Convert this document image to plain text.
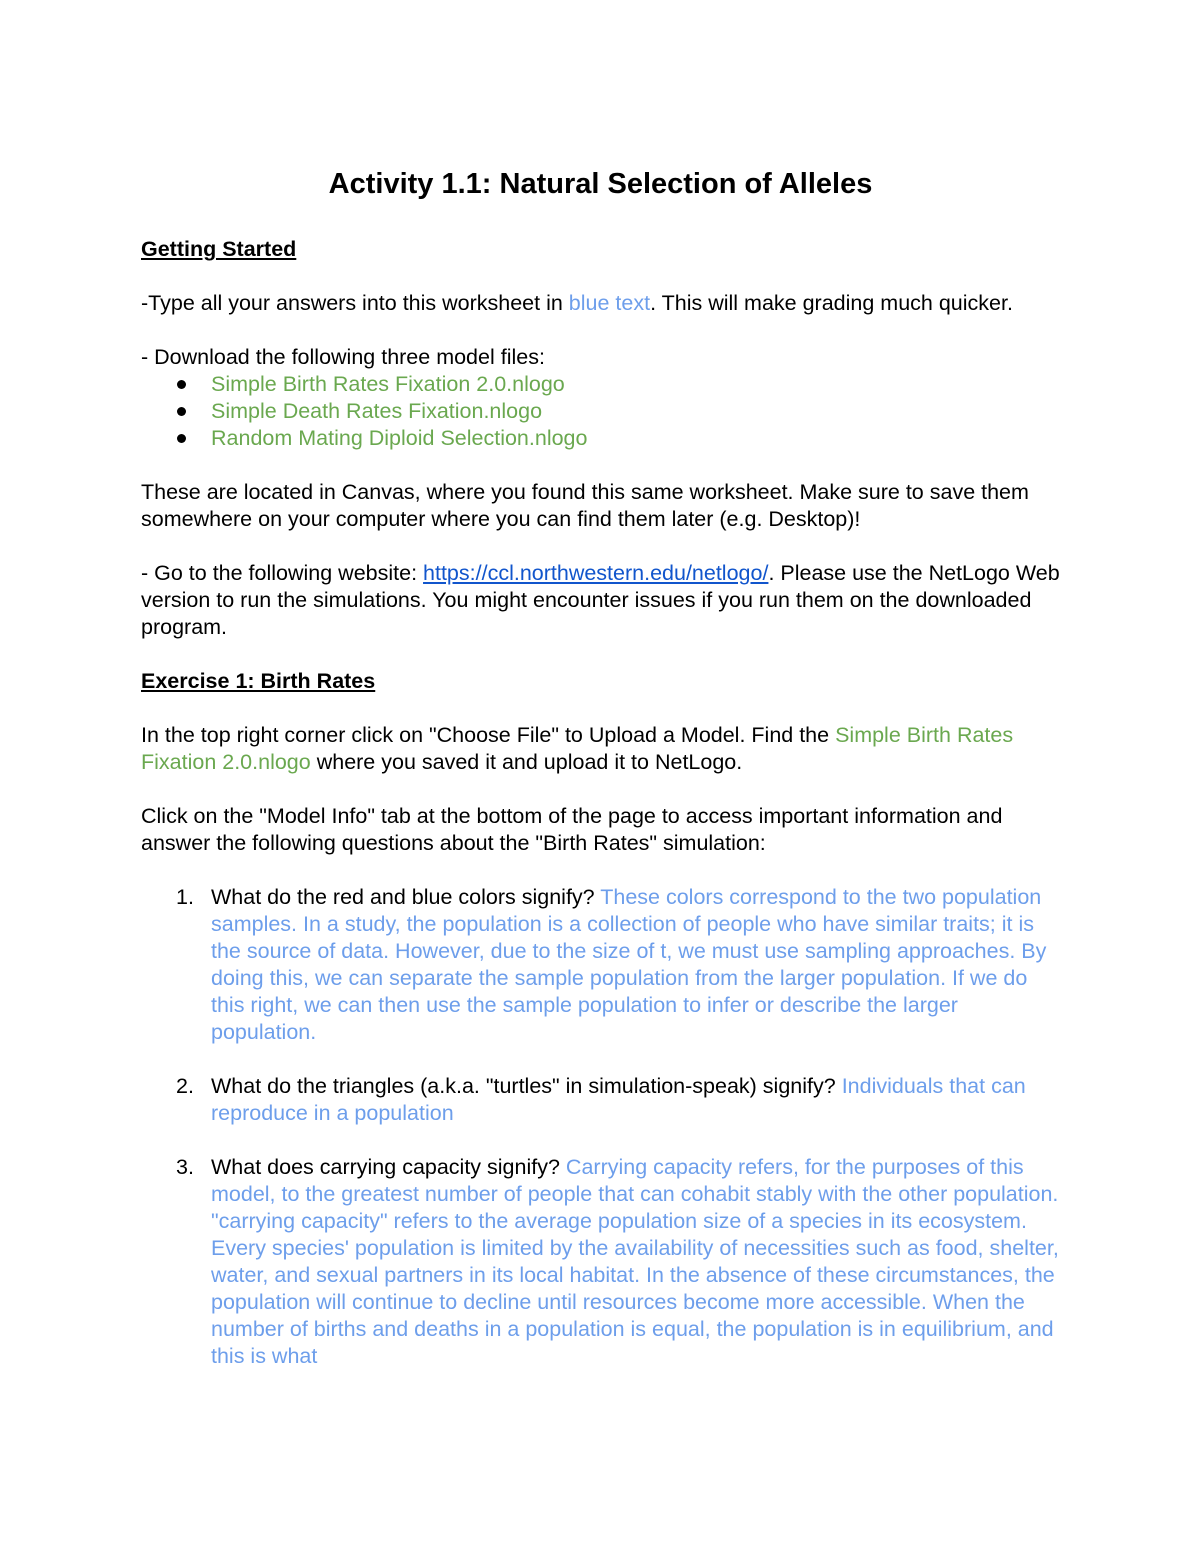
Activity 1.1: Natural Selection of Alleles
Getting Started

-Type all your answers into this worksheet in blue text. This will make grading much quicker.

- Download the following three model files:

Simple Birth Rates Fixation 2.0.nlogo
Simple Death Rates Fixation.nlogo
Random Mating Diploid Selection.nlogo

These are located in Canvas, where you found this same worksheet. Make sure to save them somewhere on your computer where you can find them later (e.g. Desktop)!

- Go to the following website: https://ccl.northwestern.edu/netlogo/. Please use the NetLogo Web version to run the simulations. You might encounter issues if you run them on the downloaded program.

Exercise 1: Birth Rates

In the top right corner click on "Choose File" to Upload a Model. Find the Simple Birth Rates Fixation 2.0.nlogo where you saved it and upload it to NetLogo.

Click on the "Model Info" tab at the bottom of the page to access important information and answer the following questions about the "Birth Rates" simulation:

1. What do the red and blue colors signify? These colors correspond to the two population samples. In a study, the population is a collection of people who have similar traits; it is the source of data. However, due to the size of t, we must use sampling approaches. By doing this, we can separate the sample population from the larger population. If we do this right, we can then use the sample population to infer or describe the larger population.
2. What do the triangles (a.k.a. "turtles" in simulation-speak) signify? Individuals that can reproduce in a population
3. What does carrying capacity signify? Carrying capacity refers, for the purposes of this model, to the greatest number of people that can cohabit stably with the other population. "carrying capacity" refers to the average population size of a species in its ecosystem. Every species' population is limited by the availability of necessities such as food, shelter, water, and sexual partners in its local habitat. In the absence of these circumstances, the population will continue to decline until resources become more accessible. When the number of births and deaths in a population is equal, the population is in equilibrium, and this is what
